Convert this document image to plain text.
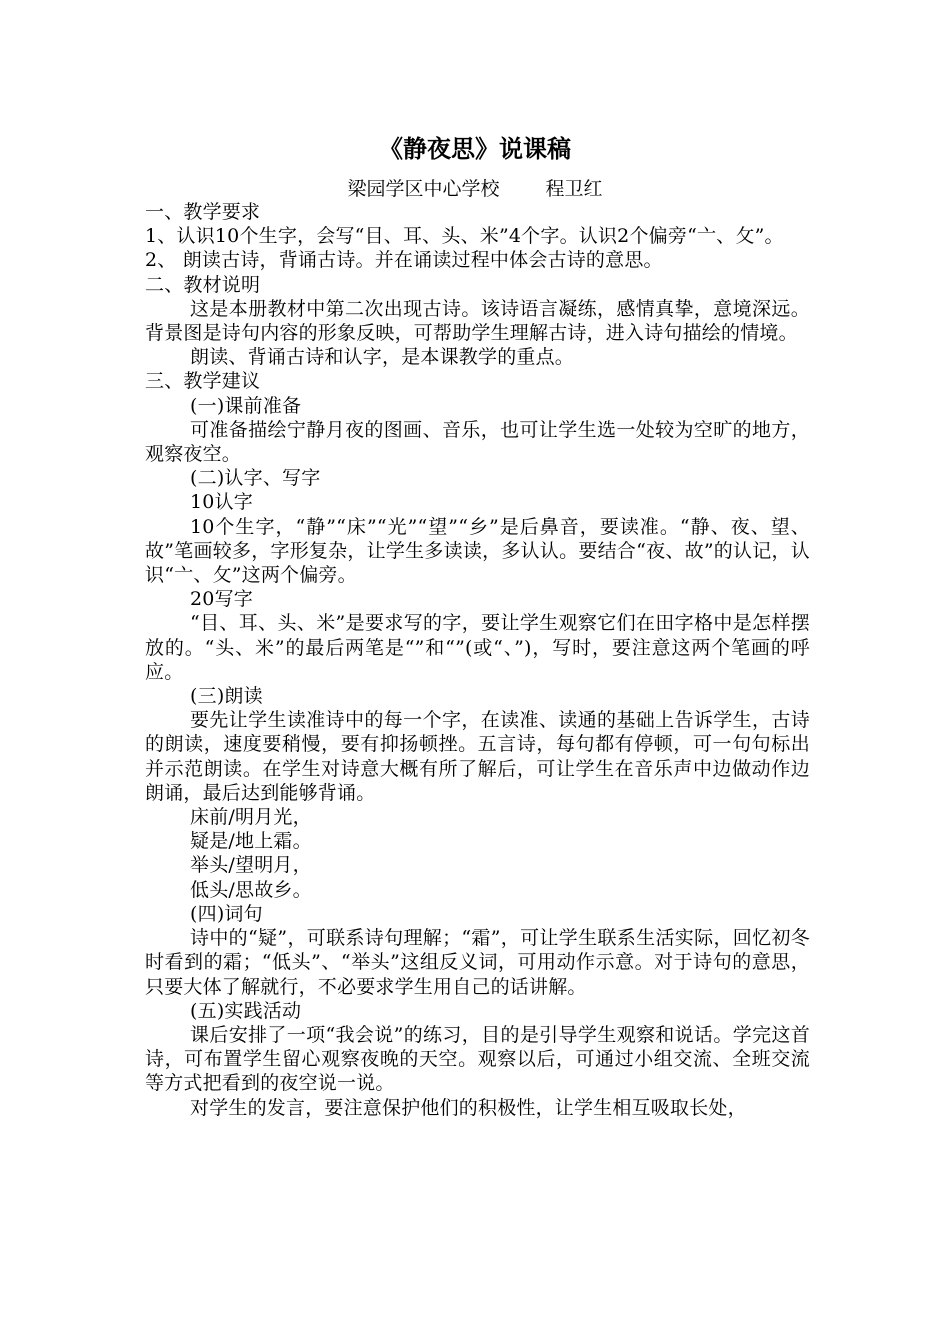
《静夜思》说课稿
梁园学区中心学校 程卫红

一、教学要求

1、认识10个生字，会写“目、耳、头、米”4个字。认识2个偏旁“亠、攵”。

2、 朗读古诗，背诵古诗。并在诵读过程中体会古诗的意思。

二、教材说明

这是本册教材中第二次出现古诗。该诗语言凝练，感情真挚，意境深远。背景图是诗句内容的形象反映，可帮助学生理解古诗，进入诗句描绘的情境。

朗读、背诵古诗和认字，是本课教学的重点。

三、教学建议

(一)课前准备

可准备描绘宁静月夜的图画、音乐，也可让学生选一处较为空旷的地方，观察夜空。

(二)认字、写字

10认字

10个生字，“静”“床”“光”“望”“乡”是后鼻音，要读准。“静、夜、望、故”笔画较多，字形复杂，让学生多读读，多认认。要结合“夜、故”的认记，认识“亠、攵”这两个偏旁。

20写字

“目、耳、头、米”是要求写的字，要让学生观察它们在田字格中是怎样摆放的。“头、米”的最后两笔是“”和“”(或“、”)，写时，要注意这两个笔画的呼应。

(三)朗读

要先让学生读准诗中的每一个字，在读准、读通的基础上告诉学生，古诗的朗读，速度要稍慢，要有抑扬顿挫。五言诗，每句都有停顿，可一句句标出并示范朗读。在学生对诗意大概有所了解后，可让学生在音乐声中边做动作边朗诵，最后达到能够背诵。

床前/明月光，

疑是/地上霜。

举头/望明月，

低头/思故乡。

(四)词句

诗中的“疑”，可联系诗句理解；“霜”，可让学生联系生活实际，回忆初冬时看到的霜；“低头”、“举头”这组反义词，可用动作示意。对于诗句的意思，只要大体了解就行，不必要求学生用自己的话讲解。

(五)实践活动

课后安排了一项“我会说”的练习，目的是引导学生观察和说话。学完这首诗，可布置学生留心观察夜晚的天空。观察以后，可通过小组交流、全班交流等方式把看到的夜空说一说。

对学生的发言，要注意保护他们的积极性，让学生相互吸取长处，
